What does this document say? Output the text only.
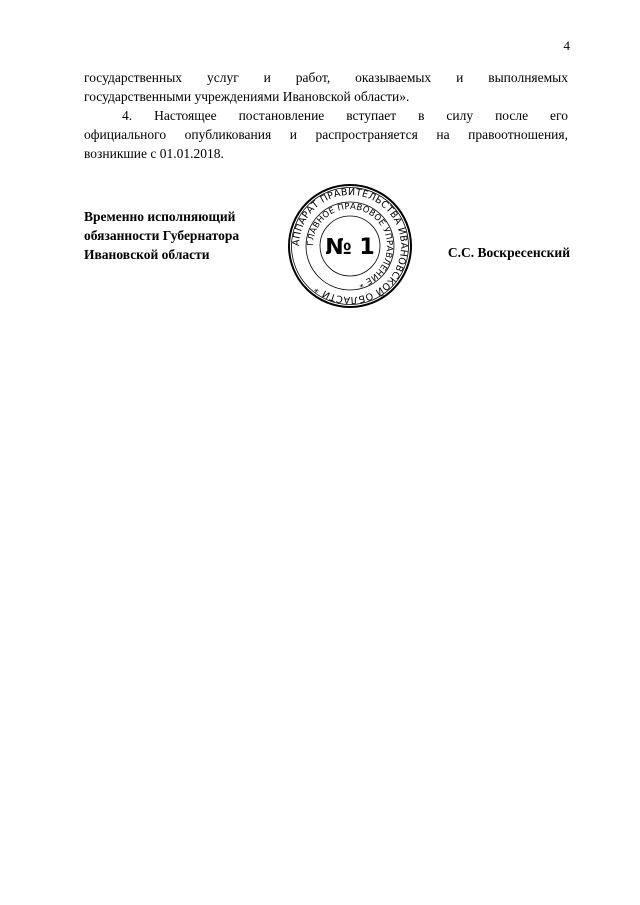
4

государственных услуг и работ, оказываемых и выполняемых

государственными учреждениями Ивановской области».

4. Настоящее постановление вступает в силу после его

официального опубликования и распространяется на правоотношения,

возникшие с 01.01.2018.

Временно исполняющий
обязанности Губернатора
Ивановской области
АППАРАТ ПРАВИТЕЛЬСТВА ИВАНОВСКОЙ ОБЛАСТИ *
ГЛАВНОЕ ПРАВОВОЕ УПРАВЛЕНИЕ *
№ 1	С.С. Воскресенский
